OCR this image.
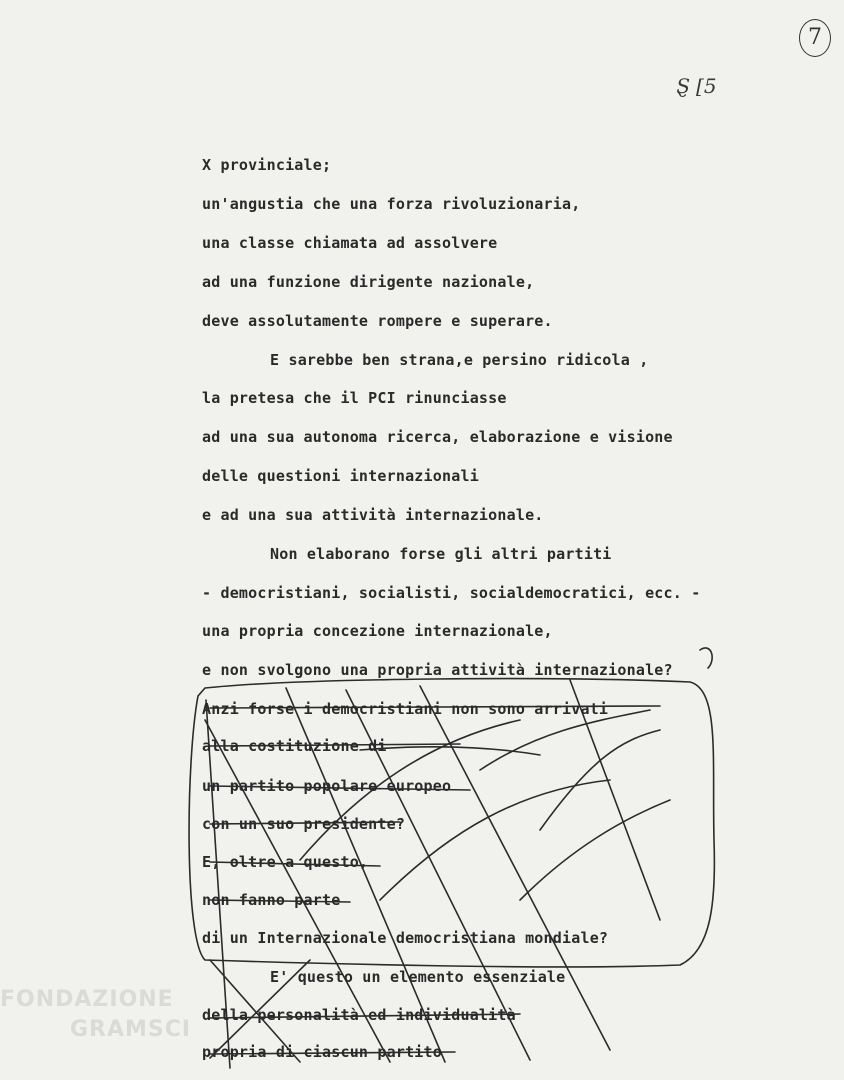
7
Ȿ [5
FONDAZIONE
GRAMSCI
X provinciale;
un'angustia che una forza rivoluzionaria,
una classe chiamata ad assolvere
ad una funzione dirigente nazionale,
deve assolutamente rompere e superare.
E sarebbe ben strana,e persino ridicola ,
la pretesa che il PCI rinunciasse
ad una sua autonoma ricerca, elaborazione e visione
delle questioni internazionali
e ad una sua attività internazionale.
Non elaborano forse gli altri partiti
- democristiani, socialisti, socialdemocratici, ecc. -
una propria concezione internazionale,
e non svolgono una propria attività internazionale?
Anzi forse i democristiani non sono arrivati
alla costituzione di
un partito popolare europeo
con un suo presidente?
E, oltre a questo,
non fanno parte
di un Internazionale democristiana mondiale?
E' questo un elemento essenziale
della personalità ed individualità
propria di ciascun partito
